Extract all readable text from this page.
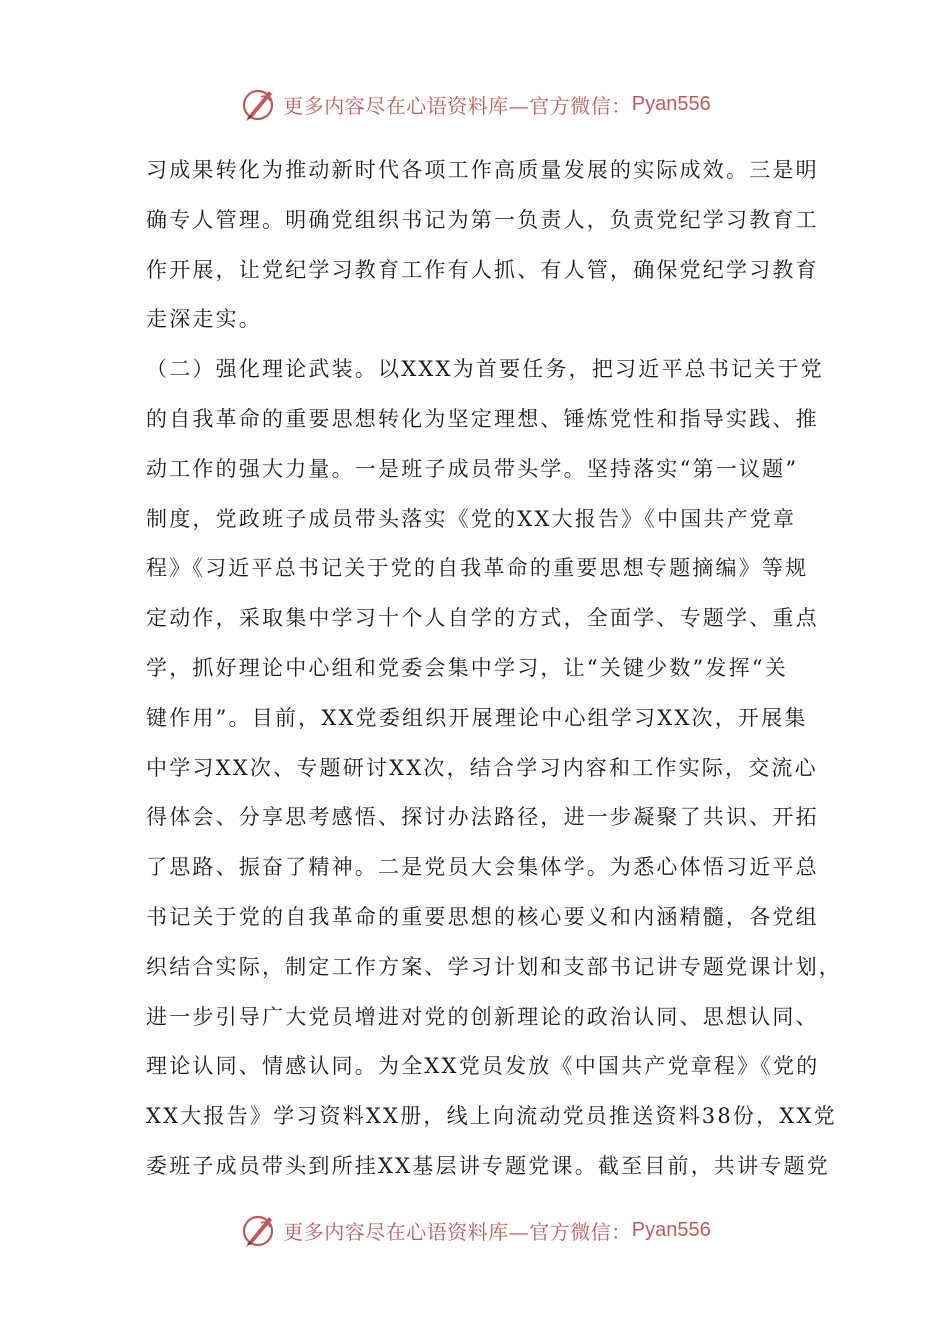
更多内容尽在心语资料库—官方微信： Pyan556
习成果转化为推动新时代各项工作高质量发展的实际成效。三是明
确专人管理。明确党组织书记为第一负责人，负责党纪学习教育工
作开展，让党纪学习教育工作有人抓、有人管，确保党纪学习教育
走深走实。
（二）强化理论武装。以XXX为首要任务，把习近平总书记关于党
的自我革命的重要思想转化为坚定理想、锤炼党性和指导实践、推
动工作的强大力量。一是班子成员带头学。坚持落实“第一议题”
制度，党政班子成员带头落实《党的XX大报告》《中国共产党章
程》《习近平总书记关于党的自我革命的重要思想专题摘编》等规
定动作，采取集中学习十个人自学的方式，全面学、专题学、重点
学，抓好理论中心组和党委会集中学习，让“关键少数”发挥“关
键作用”。目前，XX党委组织开展理论中心组学习XX次，开展集
中学习XX次、专题研讨XX次，结合学习内容和工作实际，交流心
得体会、分享思考感悟、探讨办法路径，进一步凝聚了共识、开拓
了思路、振奋了精神。二是党员大会集体学。为悉心体悟习近平总
书记关于党的自我革命的重要思想的核心要义和内涵精髓，各党组
织结合实际，制定工作方案、学习计划和支部书记讲专题党课计划，
进一步引导广大党员增进对党的创新理论的政治认同、思想认同、
理论认同、情感认同。为全XX党员发放《中国共产党章程》《党的
XX大报告》学习资料XX册，线上向流动党员推送资料38份，XX党
委班子成员带头到所挂XX基层讲专题党课。截至目前，共讲专题党
更多内容尽在心语资料库—官方微信： Pyan556
